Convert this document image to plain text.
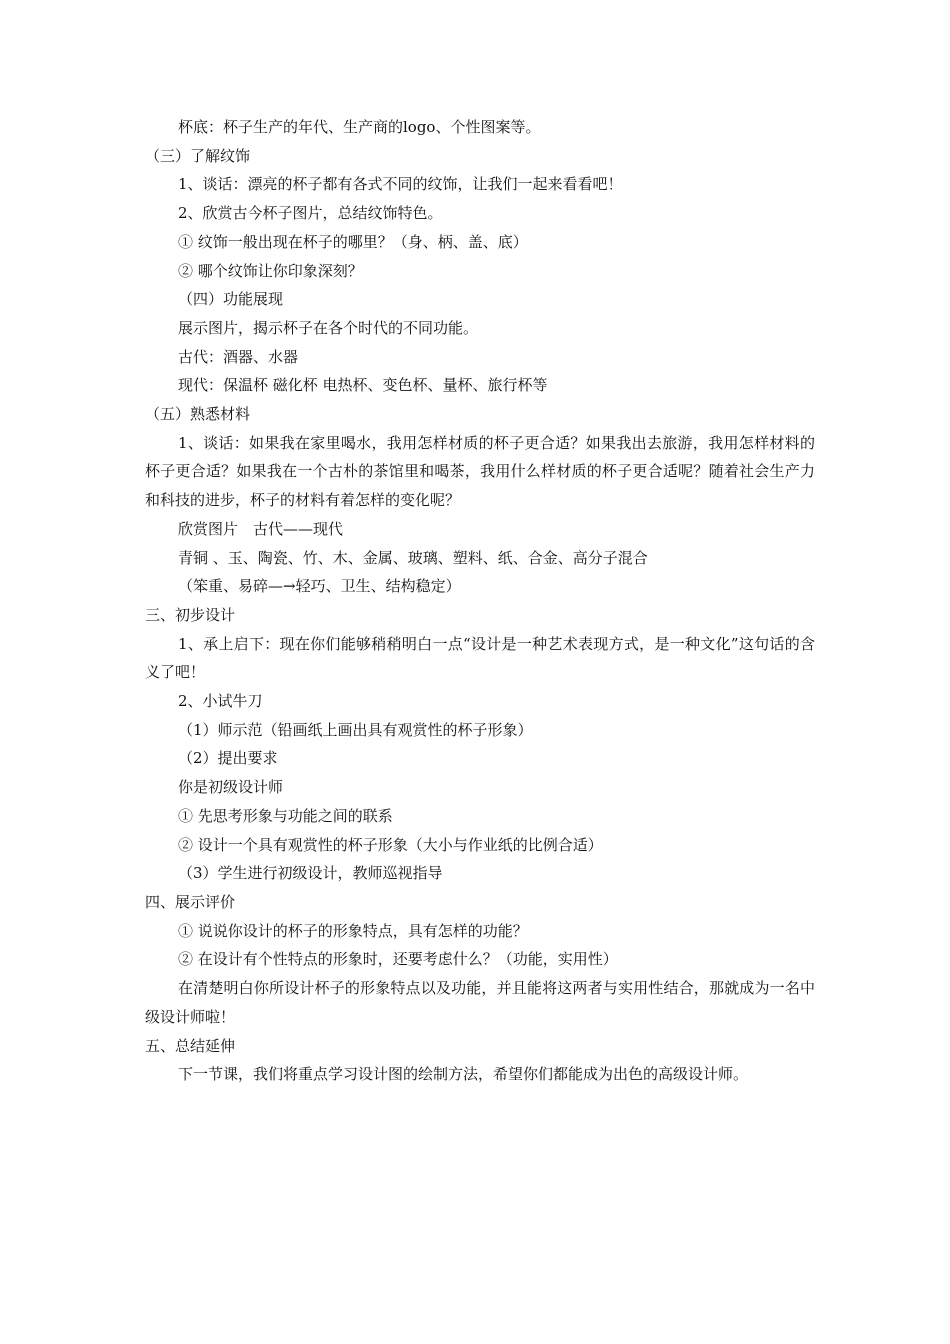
杯底：杯子生产的年代、生产商的logo、个性图案等。
（三）了解纹饰
1、谈话：漂亮的杯子都有各式不同的纹饰，让我们一起来看看吧！
2、欣赏古今杯子图片，总结纹饰特色。
① 纹饰一般出现在杯子的哪里？（身、柄、盖、底）
② 哪个纹饰让你印象深刻？
（四）功能展现
展示图片，揭示杯子在各个时代的不同功能。
古代：酒器、水器
现代：保温杯 磁化杯 电热杯、变色杯、量杯、旅行杯等
（五）熟悉材料
1、谈话：如果我在家里喝水，我用怎样材质的杯子更合适？如果我出去旅游，我用怎样材料的杯子更合适？如果我在一个古朴的茶馆里和喝茶，我用什么样材质的杯子更合适呢？随着社会生产力和科技的进步，杯子的材料有着怎样的变化呢？
欣赏图片　古代——现代
青铜 、玉、陶瓷、竹、木、金属、玻璃、塑料、纸、合金、高分子混合
（笨重、易碎—→轻巧、卫生、结构稳定）
三、初步设计
1、承上启下：现在你们能够稍稍明白一点“设计是一种艺术表现方式，是一种文化”这句话的含义了吧！
2、小试牛刀
（1）师示范（铅画纸上画出具有观赏性的杯子形象）
（2）提出要求
你是初级设计师
① 先思考形象与功能之间的联系
② 设计一个具有观赏性的杯子形象（大小与作业纸的比例合适）
（3）学生进行初级设计，教师巡视指导
四、展示评价
① 说说你设计的杯子的形象特点，具有怎样的功能？
② 在设计有个性特点的形象时，还要考虑什么？（功能，实用性）
在清楚明白你所设计杯子的形象特点以及功能，并且能将这两者与实用性结合，那就成为一名中级设计师啦！
五、总结延伸
下一节课，我们将重点学习设计图的绘制方法，希望你们都能成为出色的高级设计师。
